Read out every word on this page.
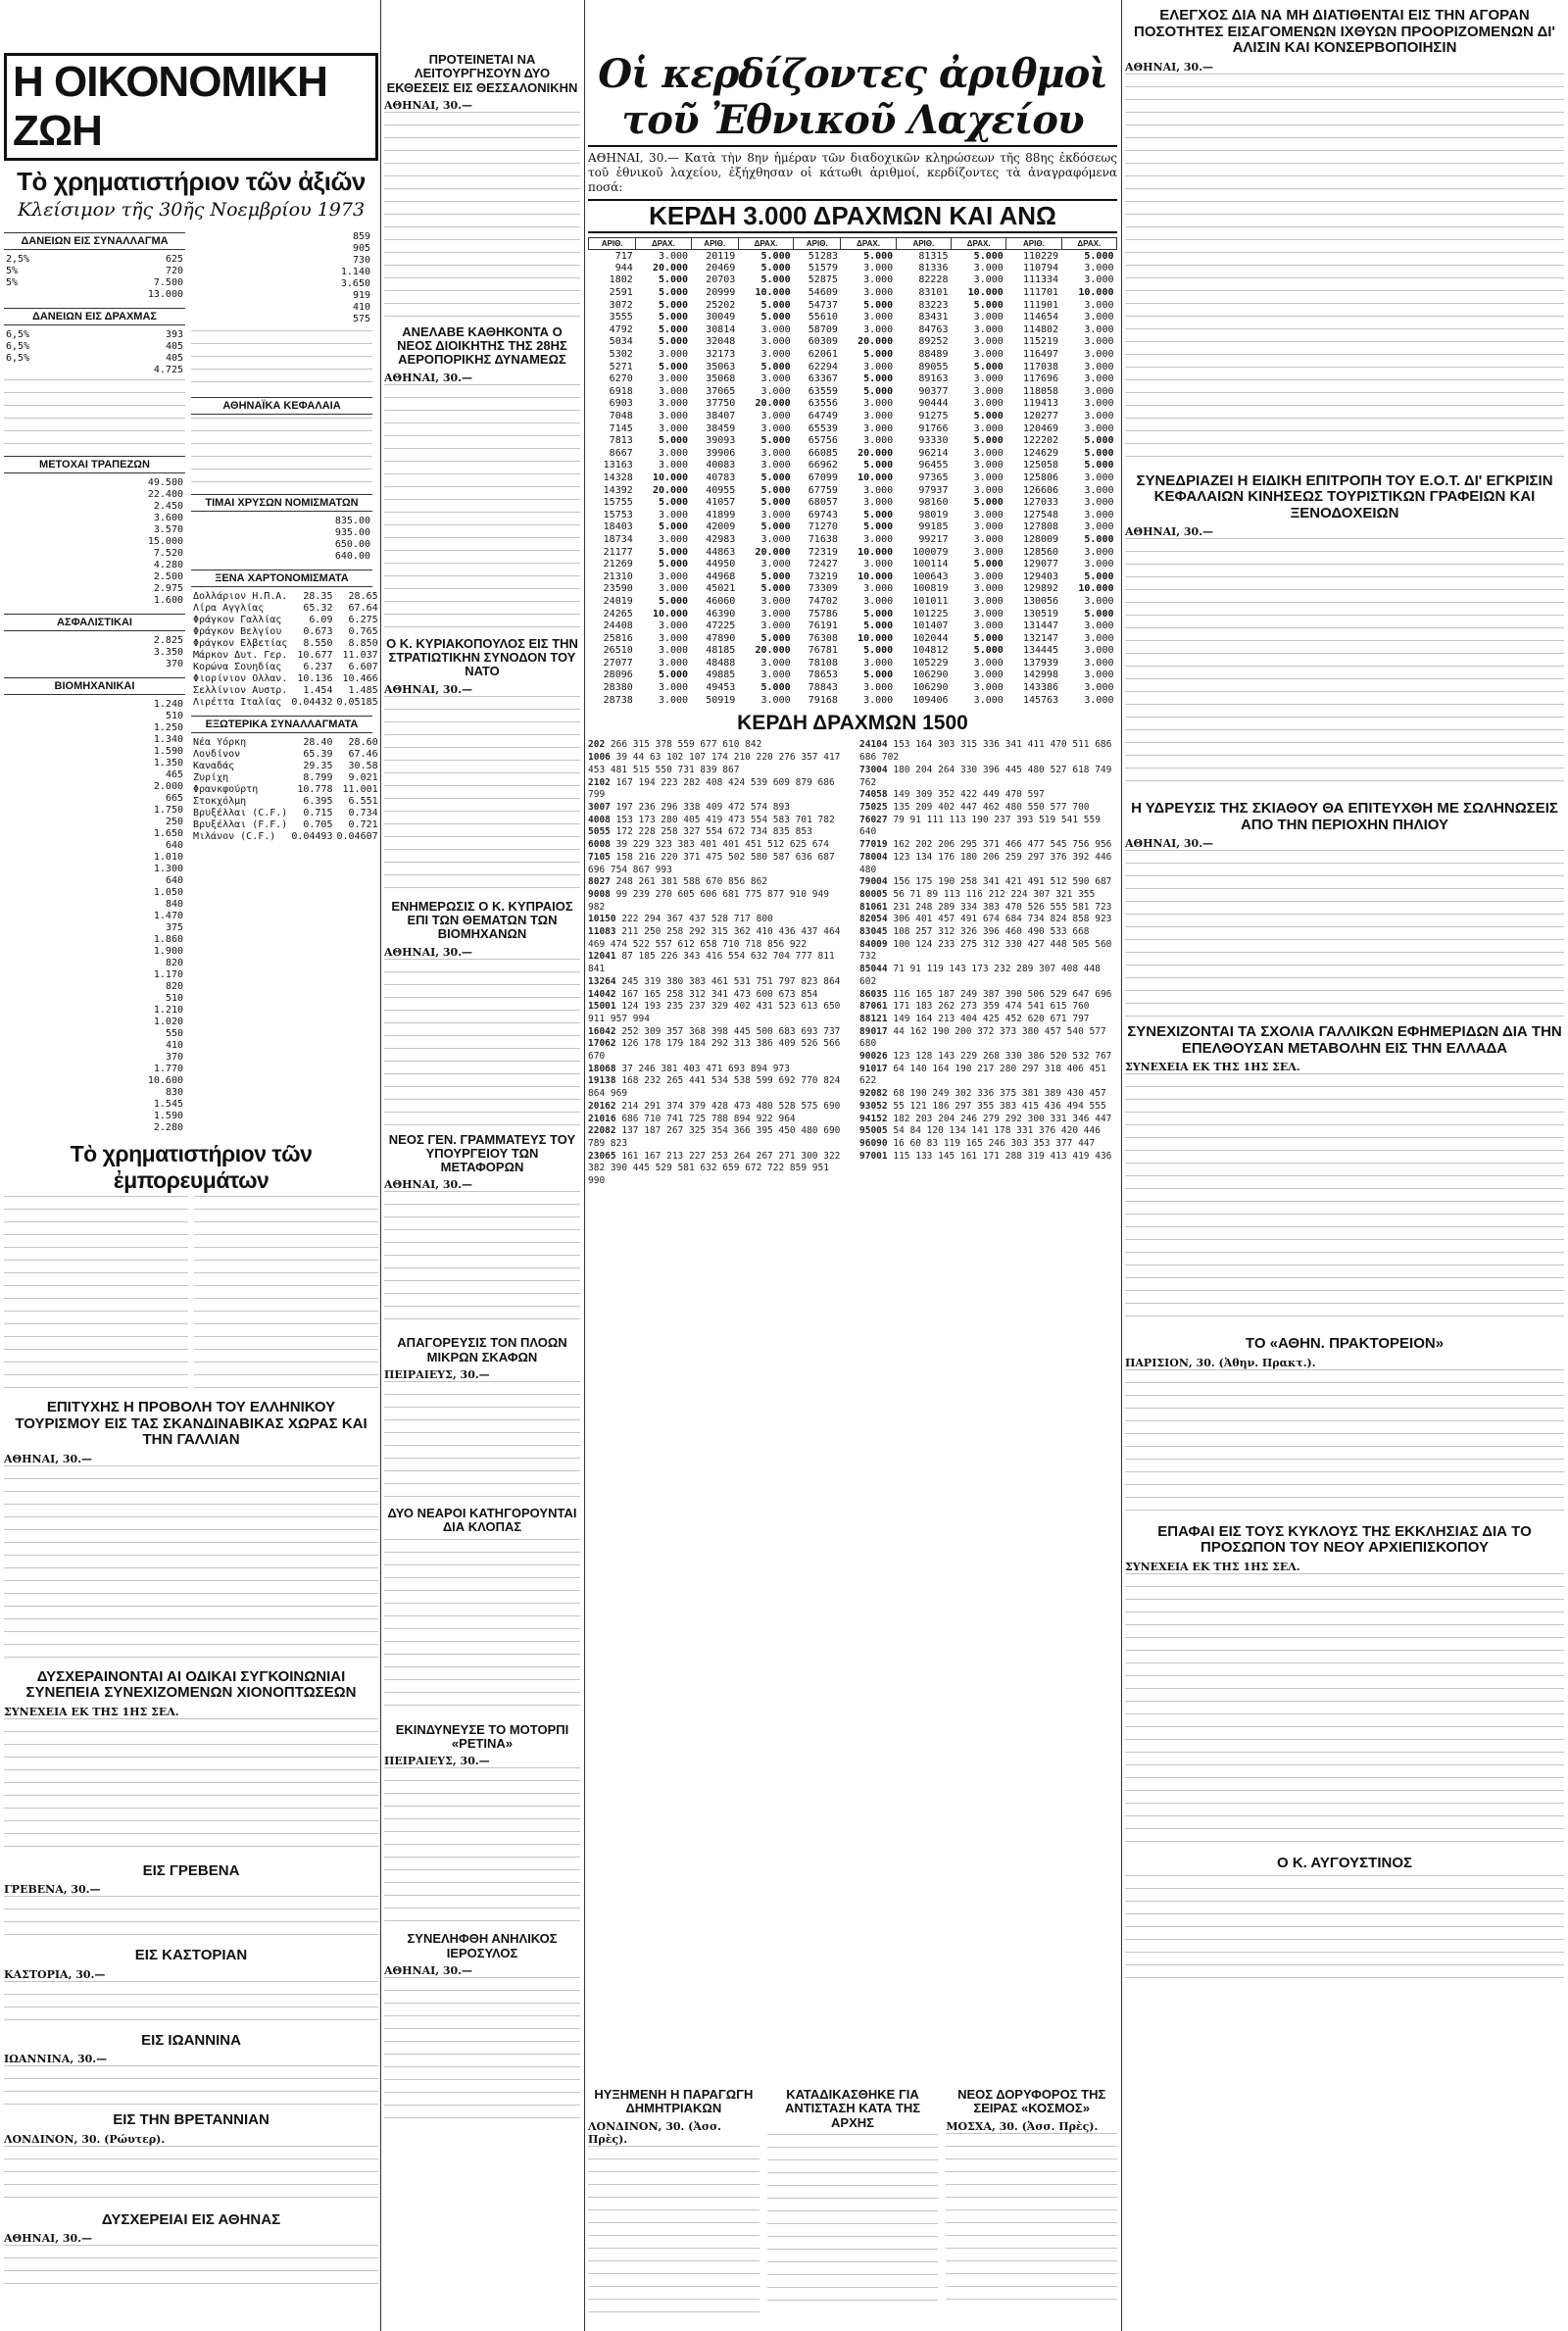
Η ΟΙΚΟΝΟΜΙΚΗ ΖΩΗ
Τὸ χρηματιστήριον τῶν ἀξιῶν
Κλείσιμον τῆς 30ῆς Νοεμβρίου 1973
ΔΑΝΕΙΩΝ ΕΙΣ ΣΥΝΑΛΛΑΓΜΑ
2,5%	625
5%	720
5%	7.500
	13.000
ΔΑΝΕΙΩΝ ΕΙΣ ΔΡΑΧΜΑΣ
6,5%	393
6,5%	405
6,5%	405
	4.725
ΜΕΤΟΧΑΙ ΤΡΑΠΕΖΩΝ
	49.500
	22.400
	2.450
	3.600
	3.570
	15.000
	7.520
	4.280
	2.500
	2.975
	1.600
ΑΣΦΑΛΙΣΤΙΚΑΙ
	2.825
	3.350
	370
ΒΙΟΜΗΧΑΝΙΚΑΙ
	1.240
	510
	1.250
	1.340
	1.590
	1.350
	465
	2.000
	665
	1.750
	250
	1.650
	640
	1.010
	1.300
	640
	1.050
	840
	1.470
	375
	1.860
	1.900
	820
	1.170
	820
	510
	1.210
	1.020
	550
	410
	370
	1.770
	10.600
	830
	1.545
	1.590
	2.280
	859
	905
	730
	1.140
	3.650
	919
	410
	575
ΑΘΗΝΑΪΚΑ ΚΕΦΑΛΑΙΑ
ΤΙΜΑΙ ΧΡΥΣΩΝ ΝΟΜΙΣΜΑΤΩΝ
	835.00
	935.00
	650.00
	640.00
ΞΕΝΑ ΧΑΡΤΟΝΟΜΙΣΜΑΤΑ
Δολλάριον Η.Π.Α.	28.35	28.65
Λίρα Αγγλίας	65.32	67.64
Φράγκον Γαλλίας	6.09	6.275
Φράγκον Βελγίου	0.673	0.765
Φράγκον Ελβετίας	8.550	8.850
Μάρκον Δυτ. Γερ.	10.677	11.037
Κορώνα Σουηδίας	6.237	6.607
Φιορίνιον Ολλαν.	10.136	10.466
Σελλίνιον Αυστρ.	1.454	1.485
Λιρέττα Ιταλίας	0.04432	0.05185
ΕΞΩΤΕΡΙΚΑ ΣΥΝΑΛΛΑΓΜΑΤΑ
Νέα Υόρκη	28.40	28.60
Λονδίνον	65.39	67.46
Καναδάς	29.35	30.58
Ζυρίχη	8.799	9.021
Φρανκφούρτη	10.778	11.001
Στοκχόλμη	6.395	6.551
Βρυξέλλαι (C.F.)	0.715	0.734
Βρυξέλλαι (F.F.)	0.705	0.721
Μιλάνον (C.F.)	0.04493	0.04607
Τὸ χρηματιστήριον τῶν ἐμπορευμάτων
ΕΠΙΤΥΧΗΣ Η ΠΡΟΒΟΛΗ ΤΟΥ ΕΛΛΗΝΙΚΟΥ ΤΟΥΡΙΣΜΟΥ ΕΙΣ ΤΑΣ ΣΚΑΝΔΙΝΑΒΙΚΑΣ ΧΩΡΑΣ ΚΑΙ ΤΗΝ ΓΑΛΛΙΑΝ
ΑΘΗΝΑΙ, 30.—
ΔΥΣΧΕΡΑΙΝΟΝΤΑΙ ΑΙ ΟΔΙΚΑΙ ΣΥΓΚΟΙΝΩΝΙΑΙ ΣΥΝΕΠΕΙΑ ΣΥΝΕΧΙΖΟΜΕΝΩΝ ΧΙΟΝΟΠΤΩΣΕΩΝ
ΣΥΝΕΧΕΙΑ ΕΚ ΤΗΣ 1ΗΣ ΣΕΛ.
ΕΙΣ ΓΡΕΒΕΝΑ
ΓΡΕΒΕΝΑ, 30.—
ΕΙΣ ΚΑΣΤΟΡΙΑΝ
ΚΑΣΤΟΡΙΑ, 30.—
ΕΙΣ ΙΩΑΝΝΙΝΑ
ΙΩΑΝΝΙΝΑ, 30.—
ΕΙΣ ΤΗΝ ΒΡΕΤΑΝΝΙΑΝ
ΛΟΝΔΙΝΟΝ, 30. (Ρώυτερ).
ΔΥΣΧΕΡΕΙΑΙ ΕΙΣ ΑΘΗΝΑΣ
ΑΘΗΝΑΙ, 30.—
ΠΡΟΤΕΙΝΕΤΑΙ ΝΑ ΛΕΙΤΟΥΡΓΗΣΟΥΝ ΔΥΟ ΕΚΘΕΣΕΙΣ ΕΙΣ ΘΕΣΣΑΛΟΝΙΚΗΝ
ΑΘΗΝΑΙ, 30.—
ΑΝΕΛΑΒΕ ΚΑΘΗΚΟΝΤΑ Ο ΝΕΟΣ ΔΙΟΙΚΗΤΗΣ ΤΗΣ 28ΗΣ ΑΕΡΟΠΟΡΙΚΗΣ ΔΥΝΑΜΕΩΣ
ΑΘΗΝΑΙ, 30.—
Ο Κ. ΚΥΡΙΑΚΟΠΟΥΛΟΣ ΕΙΣ ΤΗΝ ΣΤΡΑΤΙΩΤΙΚΗΝ ΣΥΝΟΔΟΝ ΤΟΥ ΝΑΤΟ
ΑΘΗΝΑΙ, 30.—
ΕΝΗΜΕΡΩΣΙΣ Ο Κ. ΚΥΠΡΑΙΟΣ ΕΠΙ ΤΩΝ ΘΕΜΑΤΩΝ ΤΩΝ ΒΙΟΜΗΧΑΝΩΝ
ΑΘΗΝΑΙ, 30.—
ΝΕΟΣ ΓΕΝ. ΓΡΑΜΜΑΤΕΥΣ ΤΟΥ ΥΠΟΥΡΓΕΙΟΥ ΤΩΝ ΜΕΤΑΦΟΡΩΝ
ΑΘΗΝΑΙ, 30.—
ΑΠΑΓΟΡΕΥΣΙΣ ΤΟΝ ΠΛΟΩΝ ΜΙΚΡΩΝ ΣΚΑΦΩΝ
ΠΕΙΡΑΙΕΥΣ, 30.—
ΔΥΟ ΝΕΑΡΟΙ ΚΑΤΗΓΟΡΟΥΝΤΑΙ ΔΙΑ ΚΛΟΠΑΣ
ΕΚΙΝΔΥΝΕΥΣΕ ΤΟ ΜΟΤΟΡΠΙ «ΡΕΤΙΝΑ»
ΠΕΙΡΑΙΕΥΣ, 30.—
ΣΥΝΕΛΗΦΘΗ ΑΝΗΛΙΚΟΣ ΙΕΡΟΣΥΛΟΣ
ΑΘΗΝΑΙ, 30.—
Οἱ κερδίζοντες ἀριθμοὶ τοῦ Ἐθνικοῦ Λαχείου
ΑΘΗΝΑΙ, 30.— Κατὰ τὴν 8ην ἡμέραν τῶν διαδοχικῶν κληρώσεων τῆς 88ης ἐκδόσεως τοῦ ἐθνικοῦ λαχείου, ἐξήχθησαν οἱ κάτωθι ἀριθμοί, κερδίζοντες τὰ ἀναγραφόμενα ποσά:
ΚΕΡΔΗ 3.000 ΔΡΑΧΜΩΝ ΚΑΙ ΑΝΩ
ΑΡΙΘ.	ΔΡΑΧ.	ΑΡΙΘ.	ΔΡΑΧ.	ΑΡΙΘ.	ΔΡΑΧ.	ΑΡΙΘ.	ΔΡΑΧ.	ΑΡΙΘ.	ΔΡΑΧ.
717	3.000	20119	5.000	51283	5.000	81315	5.000	110229	5.000
944	20.000	20469	5.000	51579	3.000	81336	3.000	110794	3.000
1802	5.000	20703	5.000	52875	3.000	82228	3.000	111334	3.000
2591	5.000	20999	10.000	54609	3.000	83101	10.000	111701	10.000
3072	5.000	25202	5.000	54737	5.000	83223	5.000	111901	3.000
3555	5.000	30049	5.000	55610	3.000	83431	3.000	114654	3.000
4792	5.000	30814	3.000	58709	3.000	84763	3.000	114802	3.000
5034	5.000	32048	3.000	60309	20.000	89252	3.000	115219	3.000
5302	3.000	32173	3.000	62061	5.000	88489	3.000	116497	3.000
5271	5.000	35063	5.000	62294	3.000	89055	5.000	117038	3.000
6270	3.000	35068	3.000	63367	5.000	89163	3.000	117696	3.000
6918	3.000	37065	3.000	63559	5.000	90377	3.000	118058	3.000
6903	3.000	37750	20.000	63556	3.000	90444	3.000	119413	3.000
7048	3.000	38407	3.000	64749	3.000	91275	5.000	120277	3.000
7145	3.000	38459	3.000	65539	3.000	91766	3.000	120469	3.000
7813	5.000	39093	5.000	65756	3.000	93330	5.000	122202	5.000
8667	3.000	39906	3.000	66085	20.000	96214	3.000	124629	5.000
13163	3.000	40083	3.000	66962	5.000	96455	3.000	125058	5.000
14328	10.000	40783	5.000	67099	10.000	97365	3.000	125806	3.000
14392	20.000	40955	5.000	67759	3.000	97937	3.000	126606	3.000
15755	5.000	41057	5.000	68057	3.000	98160	5.000	127033	3.000
15753	3.000	41899	3.000	69743	5.000	98019	3.000	127548	3.000
18403	5.000	42009	5.000	71270	5.000	99185	3.000	127808	3.000
18734	3.000	42983	3.000	71638	3.000	99217	3.000	128009	5.000
21177	5.000	44863	20.000	72319	10.000	100079	3.000	128560	3.000
21269	5.000	44950	3.000	72427	3.000	100114	5.000	129077	3.000
21310	3.000	44968	5.000	73219	10.000	100643	3.000	129403	5.000
23590	3.000	45021	5.000	73309	3.000	100819	3.000	129892	10.000
24019	5.000	46060	3.000	74702	3.000	101011	3.000	130056	3.000
24265	10.000	46390	3.000	75786	5.000	101225	3.000	130519	5.000
24408	3.000	47225	3.000	76191	5.000	101407	3.000	131447	3.000
25816	3.000	47890	5.000	76308	10.000	102044	5.000	132147	3.000
26510	3.000	48185	20.000	76781	5.000	104812	5.000	134445	3.000
27077	3.000	48488	3.000	78108	3.000	105229	3.000	137939	3.000
28096	5.000	49885	3.000	78653	5.000	106290	3.000	142998	3.000
28380	3.000	49453	5.000	78843	3.000	106290	3.000	143386	3.000
28738	3.000	50919	3.000	79168	3.000	109406	3.000	145763	3.000
ΚΕΡΔΗ ΔΡΑΧΜΩΝ 1500
202 266 315 378 559 677 610 842
1006 39 44 63 102 107 174 210 220 276 357 417 453 481 515 550 731 839 867
2102 167 194 223 282 408 424 539 609 879 686 799
3007 197 236 296 338 409 472 574 893
4008 153 173 280 405 419 473 554 583 701 782
5055 172 228 258 327 554 672 734 835 853
6008 39 229 323 383 401 401 451 512 625 674
7105 158 216 220 371 475 502 580 587 636 687 696 754 867 993
8027 248 261 381 588 670 856 862
9008 99 239 270 605 606 681 775 877 910 949 982
10150 222 294 367 437 528 717 800
11083 211 250 258 292 315 362 410 436 437 464 469 474 522 557 612 658 710 718 856 922
12041 87 185 226 343 416 554 632 704 777 811 841
13264 245 319 380 383 461 531 751 797 823 864
14042 167 165 258 312 341 473 600 673 854
15001 124 193 235 237 329 402 431 523 613 650 911 957 994
16042 252 309 357 368 398 445 500 683 693 737
17062 126 178 179 184 292 313 386 409 526 566 670
18068 37 246 381 403 471 693 894 973
19138 168 232 265 441 534 538 599 692 770 824 864 969
20162 214 291 374 379 428 473 480 528 575 690
21016 686 710 741 725 788 894 922 964
22082 137 187 267 325 354 366 395 450 480 690 789 823
23065 161 167 213 227 253 264 267 271 300 322 382 390 445 529 581 632 659 672 722 859 951 990
24104 153 164 303 315 336 341 411 470 511 686 686 702
73004 180 204 264 330 396 445 480 527 618 749 762
74058 149 309 352 422 449 470 597
75025 135 209 402 447 462 480 550 577 700
76027 79 91 111 113 190 237 393 519 541 559 640
77019 162 202 206 295 371 466 477 545 756 956
78004 123 134 176 180 206 259 297 376 392 446 480
79004 156 175 190 258 341 421 491 512 590 687
80005 56 71 89 113 116 212 224 307 321 355
81061 231 248 289 334 383 470 526 555 581 723
82054 306 401 457 491 674 684 734 824 858 923
83045 108 257 312 326 396 460 490 533 668
84009 100 124 233 275 312 330 427 448 505 560 732
85044 71 91 119 143 173 232 289 307 408 448 602
86035 116 165 187 249 387 390 506 529 647 696
87061 171 183 262 273 359 474 541 615 760
88121 149 164 213 404 425 452 620 671 797
89017 44 162 190 200 372 373 380 457 540 577 680
90026 123 128 143 229 268 330 386 520 532 767
91017 64 140 164 190 217 280 297 318 406 451 622
92082 68 190 249 302 336 375 381 389 430 457
93052 55 121 186 297 355 383 415 436 494 555
94152 182 203 204 246 279 292 300 331 346 447
95005 54 84 120 134 141 178 331 376 420 446
96090 16 60 83 119 165 246 303 353 377 447
97001 115 133 145 161 171 288 319 413 419 436
ΗΥΞΗΜΕΝΗ Η ΠΑΡΑΓΩΓΗ ΔΗΜΗΤΡΙΑΚΩΝ
ΛΟΝΔΙΝΟΝ, 30. (Ἀσσ. Πρὲς).
ΚΑΤΑΔΙΚΑΣΘΗΚΕ ΓΙΑ ΑΝΤΙΣΤΑΣΗ ΚΑΤΑ ΤΗΣ ΑΡΧΗΣ
ΝΕΟΣ ΔΟΡΥΦΟΡΟΣ ΤΗΣ ΣΕΙΡΑΣ «ΚΟΣΜΟΣ»
ΜΟΣΧΑ, 30. (Ἀσσ. Πρὲς).
ΕΛΕΓΧΟΣ ΔΙΑ ΝΑ ΜΗ ΔΙΑΤΙΘΕΝΤΑΙ ΕΙΣ ΤΗΝ ΑΓΟΡΑΝ ΠΟΣΟΤΗΤΕΣ ΕΙΣΑΓΟΜΕΝΩΝ ΙΧΘΥΩΝ ΠΡΟΟΡΙΖΟΜΕΝΩΝ ΔΙ' ΑΛΙΣΙΝ ΚΑΙ ΚΟΝΣΕΡΒΟΠΟΙΗΣΙΝ
ΑΘΗΝΑΙ, 30.—
ΣΥΝΕΔΡΙΑΖΕΙ Η ΕΙΔΙΚΗ ΕΠΙΤΡΟΠΗ ΤΟΥ Ε.Ο.Τ. ΔΙ' ΕΓΚΡΙΣΙΝ ΚΕΦΑΛΑΙΩΝ ΚΙΝΗΣΕΩΣ ΤΟΥΡΙΣΤΙΚΩΝ ΓΡΑΦΕΙΩΝ ΚΑΙ ΞΕΝΟΔΟΧΕΙΩΝ
ΑΘΗΝΑΙ, 30.—
Η ΥΔΡΕΥΣΙΣ ΤΗΣ ΣΚΙΑΘΟΥ ΘΑ ΕΠΙΤΕΥΧΘΗ ΜΕ ΣΩΛΗΝΩΣΕΙΣ ΑΠΟ ΤΗΝ ΠΕΡΙΟΧΗΝ ΠΗΛΙΟΥ
ΑΘΗΝΑΙ, 30.—
ΣΥΝΕΧΙΖΟΝΤΑΙ ΤΑ ΣΧΟΛΙΑ ΓΑΛΛΙΚΩΝ ΕΦΗΜΕΡΙΔΩΝ ΔΙΑ ΤΗΝ ΕΠΕΛΘΟΥΣΑΝ ΜΕΤΑΒΟΛΗΝ ΕΙΣ ΤΗΝ ΕΛΛΑΔΑ
ΣΥΝΕΧΕΙΑ ΕΚ ΤΗΣ 1ΗΣ ΣΕΛ.
ΤΟ «ΑΘΗΝ. ΠΡΑΚΤΟΡΕΙΟΝ»
ΠΑΡΙΣΙΟΝ, 30. (Ἀθην. Πρακτ.).
ΕΠΑΦΑΙ ΕΙΣ ΤΟΥΣ ΚΥΚΛΟΥΣ ΤΗΣ ΕΚΚΛΗΣΙΑΣ ΔΙΑ ΤΟ ΠΡΟΣΩΠΟΝ ΤΟΥ ΝΕΟΥ ΑΡΧΙΕΠΙΣΚΟΠΟΥ
ΣΥΝΕΧΕΙΑ ΕΚ ΤΗΣ 1ΗΣ ΣΕΛ.
Ο Κ. ΑΥΓΟΥΣΤΙΝΟΣ
